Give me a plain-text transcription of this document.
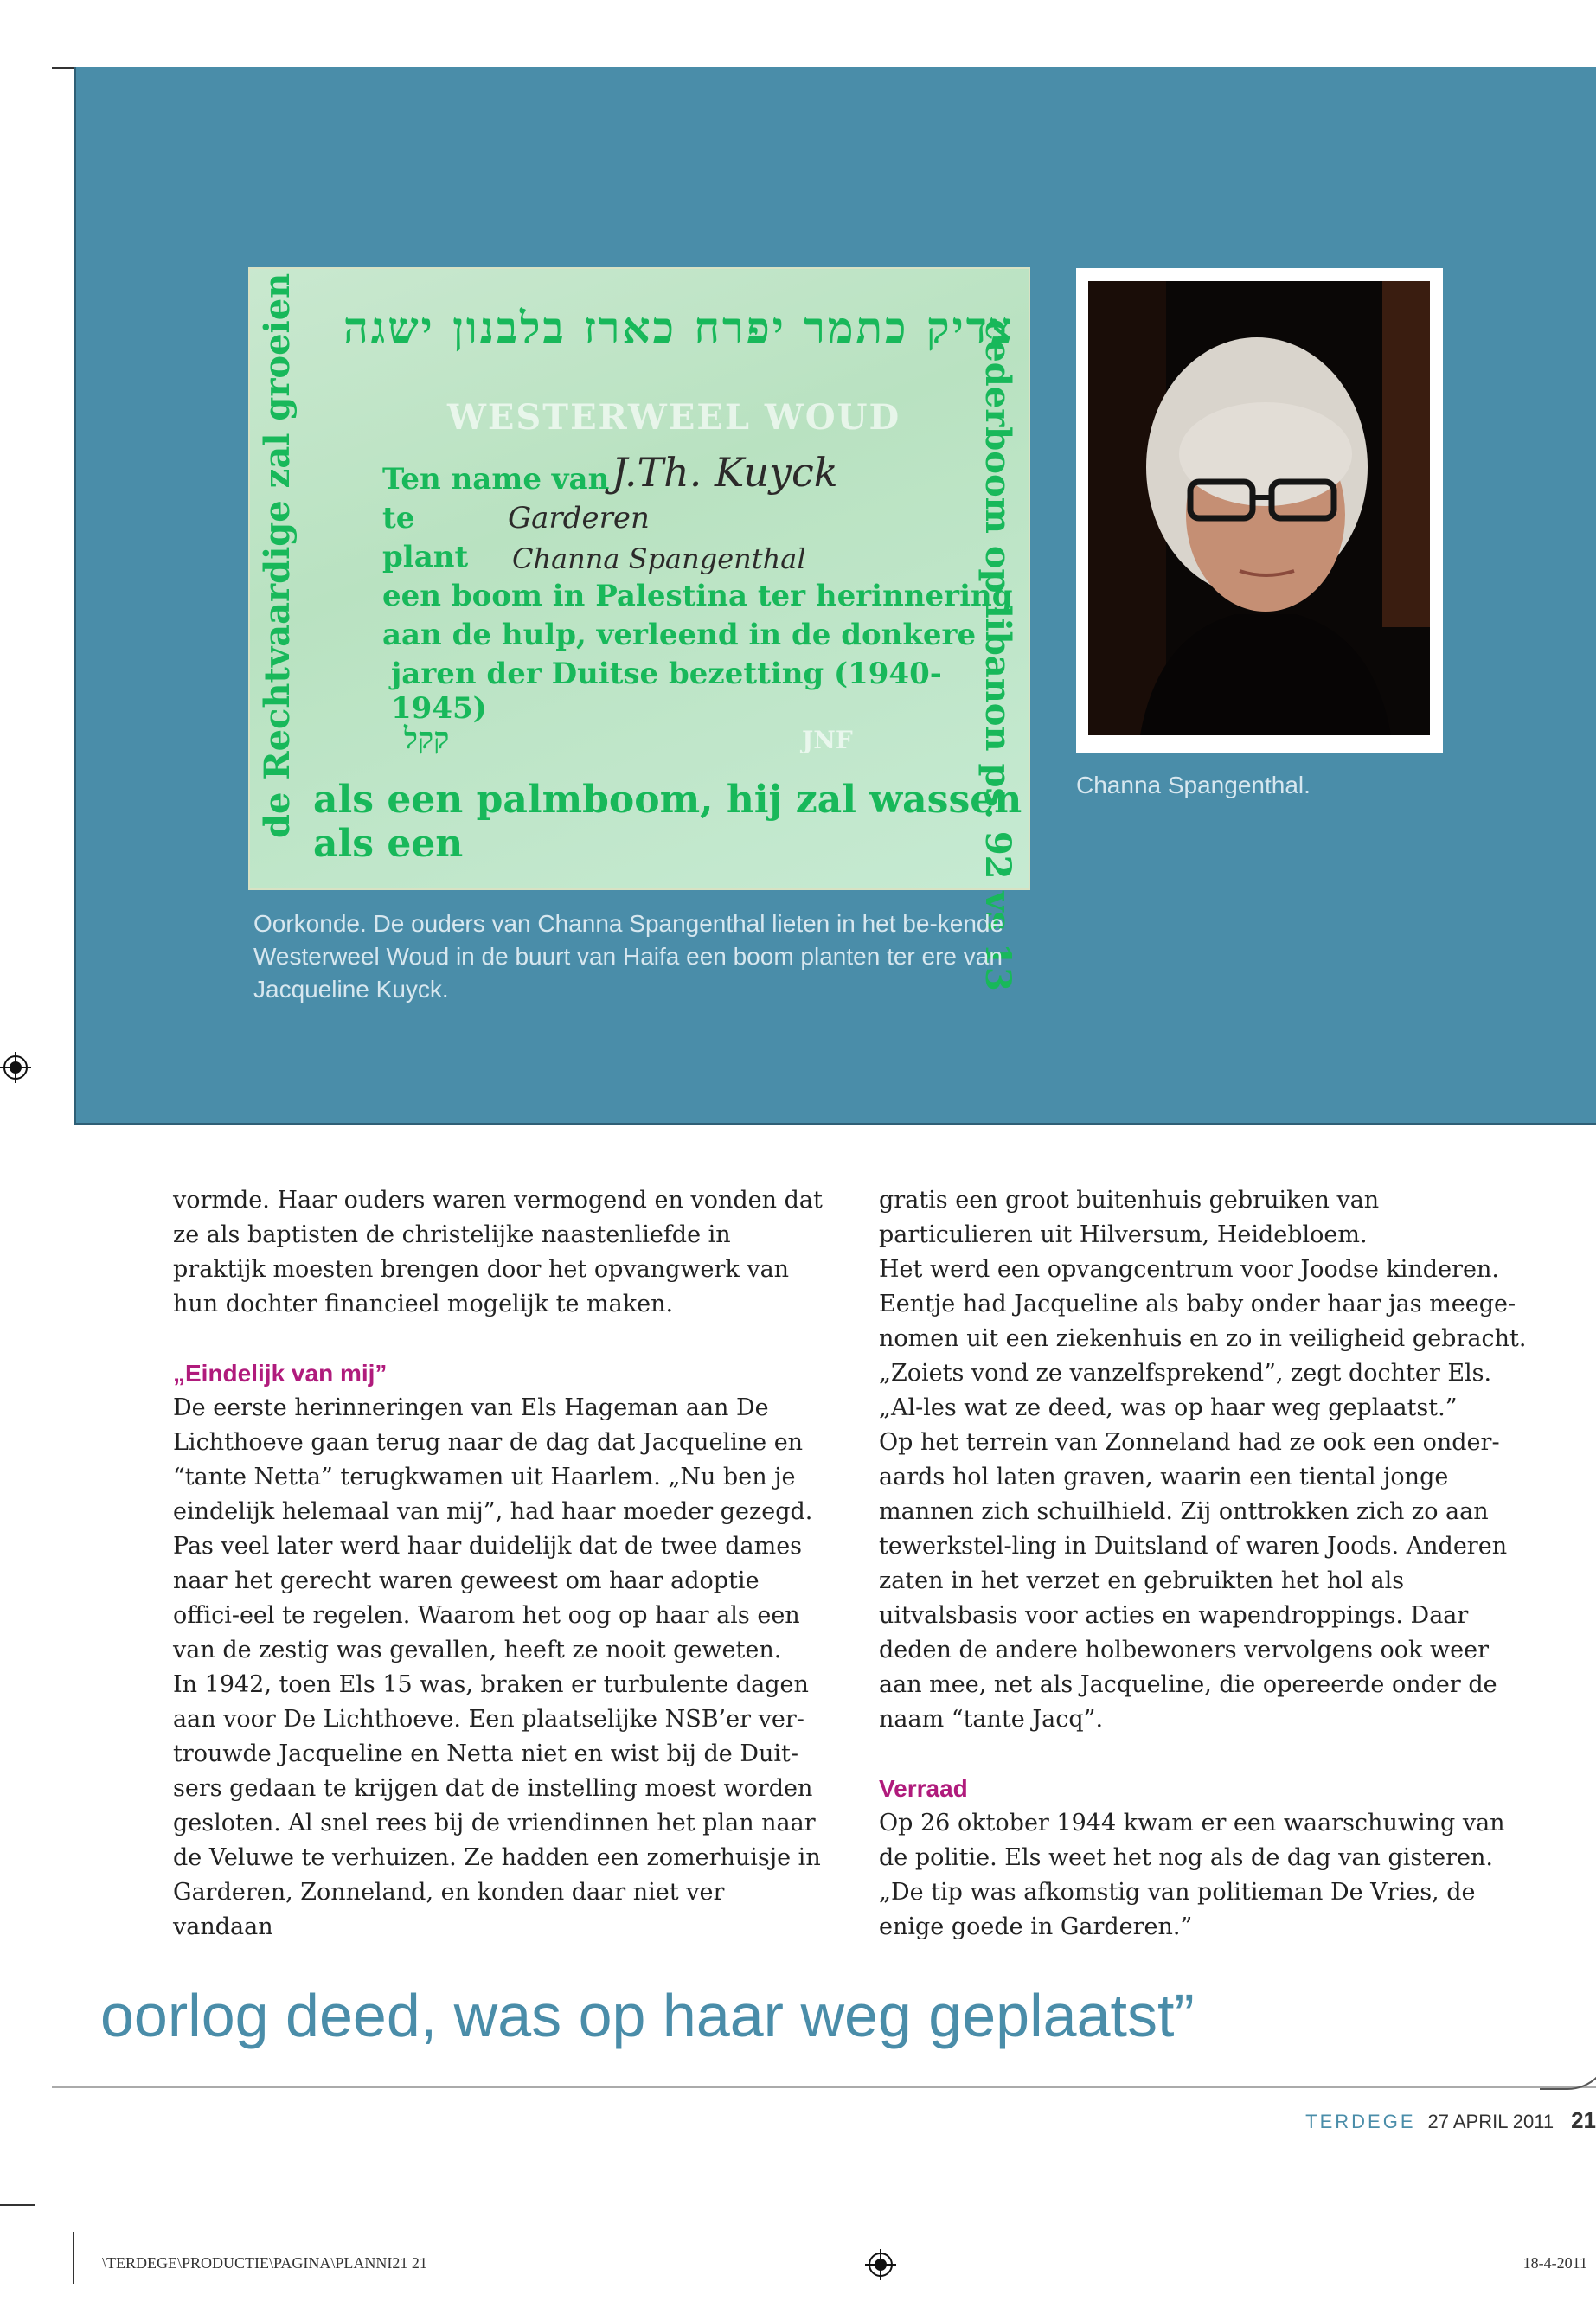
צדיק כתמר יפרח כארז בלבנון ישגה
de Rechtvaardige zal groeien	cederboom op libanon ps. 92 vs 13
WESTERWEEL WOUD
Ten name van J.Th. Kuyck
te	Garderen
plant Channa Spangenthal
een boom in Palestina ter herinnering
aan de hulp, verleend in de donkere
jaren der Duitse bezetting (1940-1945)
קקל	JNF
als een palmboom, hij zal wassen als een
Oorkonde. De ouders van Channa Spangenthal lieten in het be-kende Westerweel Woud in de buurt van Haifa een boom planten ter ere van Jacqueline Kuyck.
Channa Spangenthal.

vormde. Haar ouders waren vermogend en vonden dat ze als baptisten de christelijke naastenliefde in praktijk moesten brengen door het opvangwerk van hun dochter financieel mogelijk te maken.

„Eindelijk van mij”

De eerste herinneringen van Els Hageman aan De Lichthoeve gaan terug naar de dag dat Jacqueline en “tante Netta” terugkwamen uit Haarlem. „Nu ben je eindelijk helemaal van mij”, had haar moeder gezegd. Pas veel later werd haar duidelijk dat de twee dames naar het gerecht waren geweest om haar adoptie offici-eel te regelen. Waarom het oog op haar als een van de zestig was gevallen, heeft ze nooit geweten.

In 1942, toen Els 15 was, braken er turbulente dagen aan voor De Lichthoeve. Een plaatselijke NSB’er ver-trouwde Jacqueline en Netta niet en wist bij de Duit-sers gedaan te krijgen dat de instelling moest worden gesloten. Al snel rees bij de vriendinnen het plan naar de Veluwe te verhuizen. Ze hadden een zomerhuisje in Garderen, Zonneland, en konden daar niet ver vandaan

gratis een groot buitenhuis gebruiken van particulieren uit Hilversum, Heidebloem.

Het werd een opvangcentrum voor Joodse kinderen. Eentje had Jacqueline als baby onder haar jas meege-nomen uit een ziekenhuis en zo in veiligheid gebracht. „Zoiets vond ze vanzelfsprekend”, zegt dochter Els. „Al-les wat ze deed, was op haar weg geplaatst.”

Op het terrein van Zonneland had ze ook een onder-aards hol laten graven, waarin een tiental jonge mannen zich schuilhield. Zij onttrokken zich zo aan tewerkstel-ling in Duitsland of waren Joods. Anderen zaten in het verzet en gebruikten het hol als uitvalsbasis voor acties en wapendroppings. Daar deden de andere holbewoners vervolgens ook weer aan mee, net als Jacqueline, die opereerde onder de naam “tante Jacq”.

Verraad

Op 26 oktober 1944 kwam er een waarschuwing van de politie. Els weet het nog als de dag van gisteren. „De tip was afkomstig van politieman De Vries, de enige goede in Garderen.”

oorlog deed, was op haar weg geplaatst”
TERDEGE 27 APRIL 2011 21
\TERDEGE\PRODUCTIE\PAGINA\PLANNI21 21	18-4-2011
